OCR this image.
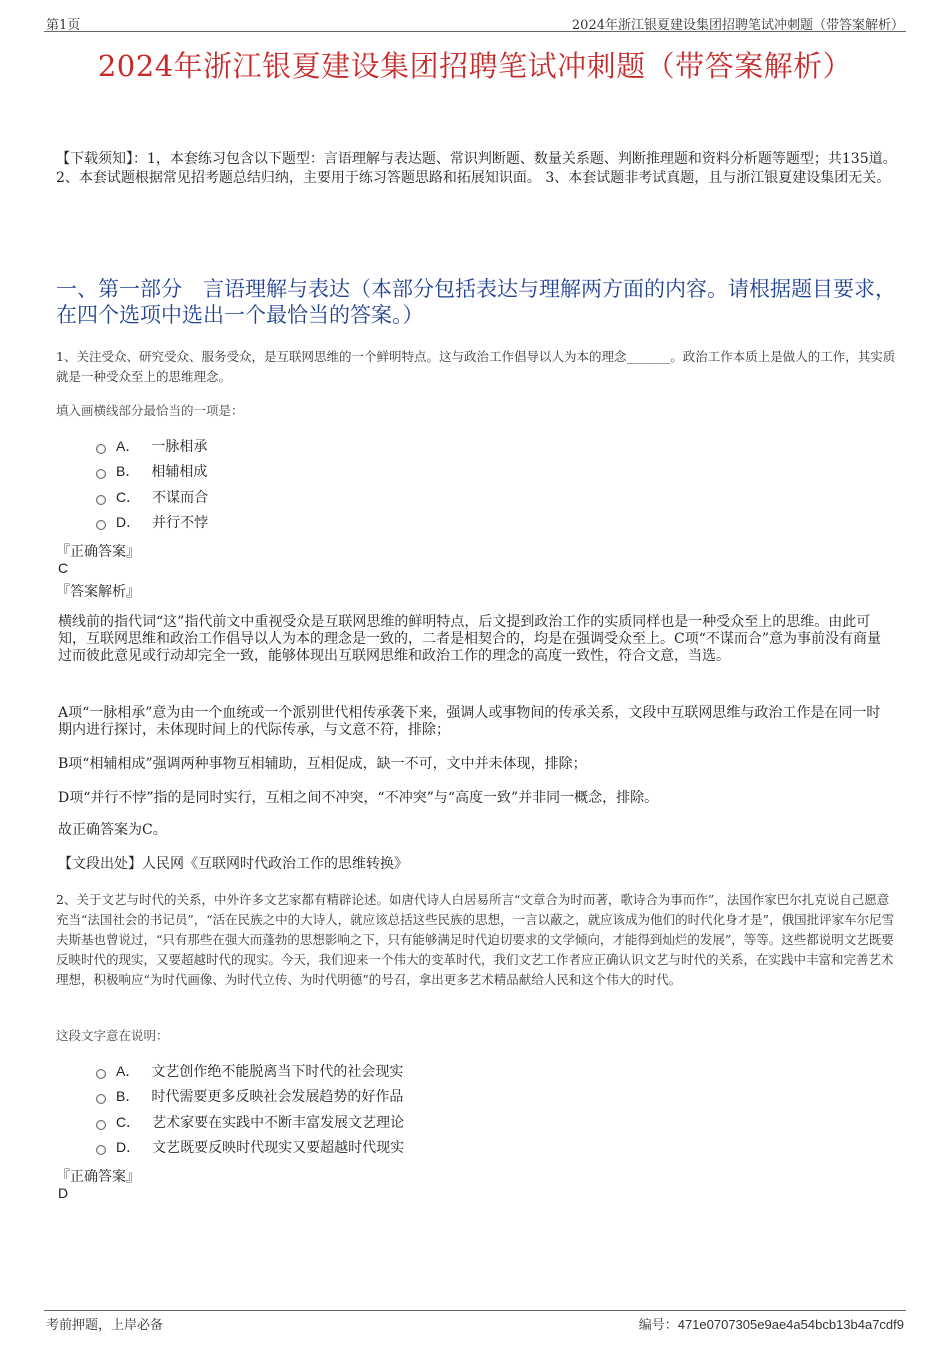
第1页	2024年浙江银夏建设集团招聘笔试冲刺题（带答案解析）
2024年浙江银夏建设集团招聘笔试冲刺题（带答案解析）
【下载须知】：1，本套练习包含以下题型：言语理解与表达题、常识判断题、数量关系题、判断推理题和资料分析题等题型；共135道。 2、本套试题根据常见招考题总结归纳，主要用于练习答题思路和拓展知识面。 3、本套试题非考试真题，且与浙江银夏建设集团无关。
一、第一部分　言语理解与表达（本部分包括表达与理解两方面的内容。请根据题目要求，在四个选项中选出一个最恰当的答案。）
1、关注受众、研究受众、服务受众，是互联网思维的一个鲜明特点。这与政治工作倡导以人为本的理念_______。政治工作本质上是做人的工作，其实质就是一种受众至上的思维理念。
填入画横线部分最恰当的一项是：
A． 一脉相承
B． 相辅相成
C． 不谋而合
D． 并行不悖
『正确答案』
C
『答案解析』
横线前的指代词“这”指代前文中重视受众是互联网思维的鲜明特点，后文提到政治工作的实质同样也是一种受众至上的思维。由此可知，互联网思维和政治工作倡导以人为本的理念是一致的，二者是相契合的，均是在强调受众至上。C项“不谋而合”意为事前没有商量过而彼此意见或行动却完全一致，能够体现出互联网思维和政治工作的理念的高度一致性，符合文意，当选。
A项“一脉相承”意为由一个血统或一个派别世代相传承袭下来，强调人或事物间的传承关系，文段中互联网思维与政治工作是在同一时期内进行探讨，未体现时间上的代际传承，与文意不符，排除；
B项“相辅相成”强调两种事物互相辅助，互相促成，缺一不可，文中并未体现，排除；
D项“并行不悖”指的是同时实行，互相之间不冲突，“不冲突”与“高度一致”并非同一概念，排除。
故正确答案为C。
【文段出处】人民网《互联网时代政治工作的思维转换》
2、关于文艺与时代的关系，中外许多文艺家都有精辟论述。如唐代诗人白居易所言“文章合为时而著，歌诗合为事而作”，法国作家巴尔扎克说自己愿意充当“法国社会的书记员”，“活在民族之中的大诗人，就应该总括这些民族的思想，一言以蔽之，就应该成为他们的时代化身才是”，俄国批评家车尔尼雪夫斯基也曾说过，“只有那些在强大而蓬勃的思想影响之下，只有能够满足时代迫切要求的文学倾向，才能得到灿烂的发展”，等等。这些都说明文艺既要反映时代的现实，又要超越时代的现实。今天，我们迎来一个伟大的变革时代，我们文艺工作者应正确认识文艺与时代的关系，在实践中丰富和完善艺术理想，积极响应“为时代画像、为时代立传、为时代明德”的号召，拿出更多艺术精品献给人民和这个伟大的时代。
这段文字意在说明：
A． 文艺创作绝不能脱离当下时代的社会现实
B． 时代需要更多反映社会发展趋势的好作品
C． 艺术家要在实践中不断丰富发展文艺理论
D． 文艺既要反映时代现实又要超越时代现实
『正确答案』
D
考前押题，上岸必备	编号：471e0707305e9ae4a54bcb13b4a7cdf9
